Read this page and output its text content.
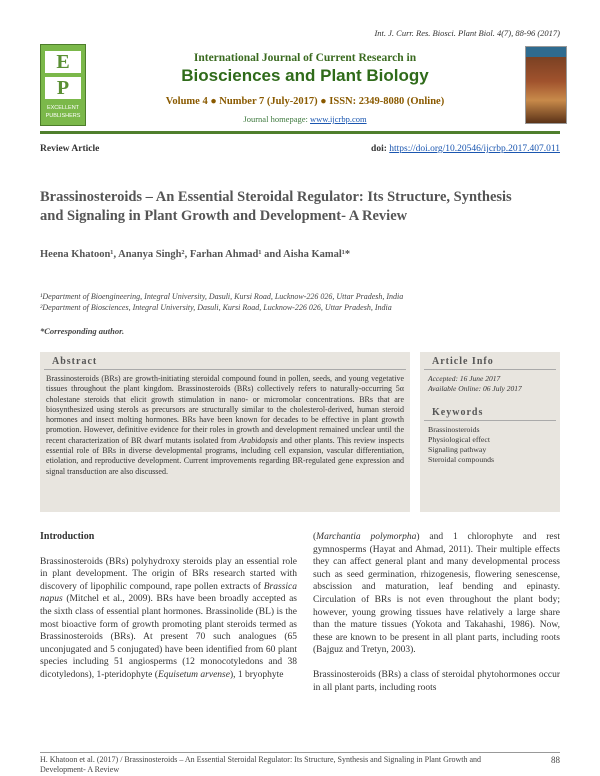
Int. J. Curr. Res. Biosci. Plant Biol. 4(7), 88-96 (2017)
E
P
EXCELLENT
PUBLISHERS
International Journal of Current Research in
Biosciences and Plant Biology
Volume 4 ● Number 7 (July-2017) ● ISSN: 2349-8080 (Online)
Journal homepage: www.ijcrbp.com
Review Article	doi: https://doi.org/10.20546/ijcrbp.2017.407.011
Brassinosteroids – An Essential Steroidal Regulator: Its Structure, Synthesis
and Signaling in Plant Growth and Development- A Review
Heena Khatoon¹, Ananya Singh², Farhan Ahmad¹ and Aisha Kamal¹*
¹Department of Bioengineering, Integral University, Dasuli, Kursi Road, Lucknow-226 026, Uttar Pradesh, India
²Department of Biosciences, Integral University, Dasuli, Kursi Road, Lucknow-226 026, Uttar Pradesh, India
*Corresponding author.
Abstract
Brassinosteroids (BRs) are growth-initiating steroidal compound found in pollen, seeds, and young vegetative tissues throughout the plant kingdom. Brassinosteroids (BRs) collectively refers to naturally-occurring 5α cholestane steroids that elicit growth stimulation in nano- or micromolar concentrations. BRs that are biosynthesized using sterols as precursors are structurally similar to the cholesterol-derived, human steroid hormones and insect molting hormones. BRs have been known for decades to be effective in plant growth promotion. However, definitive evidence for their roles in growth and development remained unclear until the recent characterization of BR dwarf mutants isolated from Arabidopsis and other plants. This review inspects essential role of BRs in diverse developmental programs, including cell expansion, vascular differentiation, etiolation, and reproductive development. Current improvements regarding BR-regulated gene expression and signal transduction are also discussed.
Article Info
Accepted: 16 June 2017
Available Online: 06 July 2017
Keywords
Brassinosteroids
Physiological effect
Signaling pathway
Steroidal compounds
Introduction

Brassinosteroids (BRs) polyhydroxy steroids play an essential role in plant development. The origin of BRs research started with discovery of lipophilic compound, rape pollen extracts of Brassica napus (Mitchel et al., 2009). BRs have been broadly accepted as the sixth class of essential plant hormones. Brassinolide (BL) is the most bioactive form of growth promoting plant steroids termed as Brassinosteroids (BRs). At present 70 such analogues (65 unconjugated and 5 conjugated) have been identified from 60 plant species including 51 angiosperms (12 monocotyledons and 38 dicotyledons), 1-pteridophyte (Equisetum arvense), 1 bryophyte

(Marchantia polymorpha) and 1 chlorophyte and rest gymnosperms (Hayat and Ahmad, 2011). Their multiple effects they can affect general plant and many developmental process such as seed germination, rhizogenesis, flowering senescense, abscission and maturation, leaf bending and epinasty. Circulation of BRs is not even throughout the plant body; however, young growing tissues have relatively a large share than the mature tissues (Yokota and Takahashi, 1986). Now, these are known to be present in all plant parts, including roots (Bajguz and Tretyn, 2003).

Brassinosteroids (BRs) a class of steroidal phytohormones occur in all plant parts, including roots

H. Khatoon et al. (2017) / Brassinosteroids – An Essential Steroidal Regulator: Its Structure, Synthesis and Signaling in Plant Growth and Development- A Review
88
